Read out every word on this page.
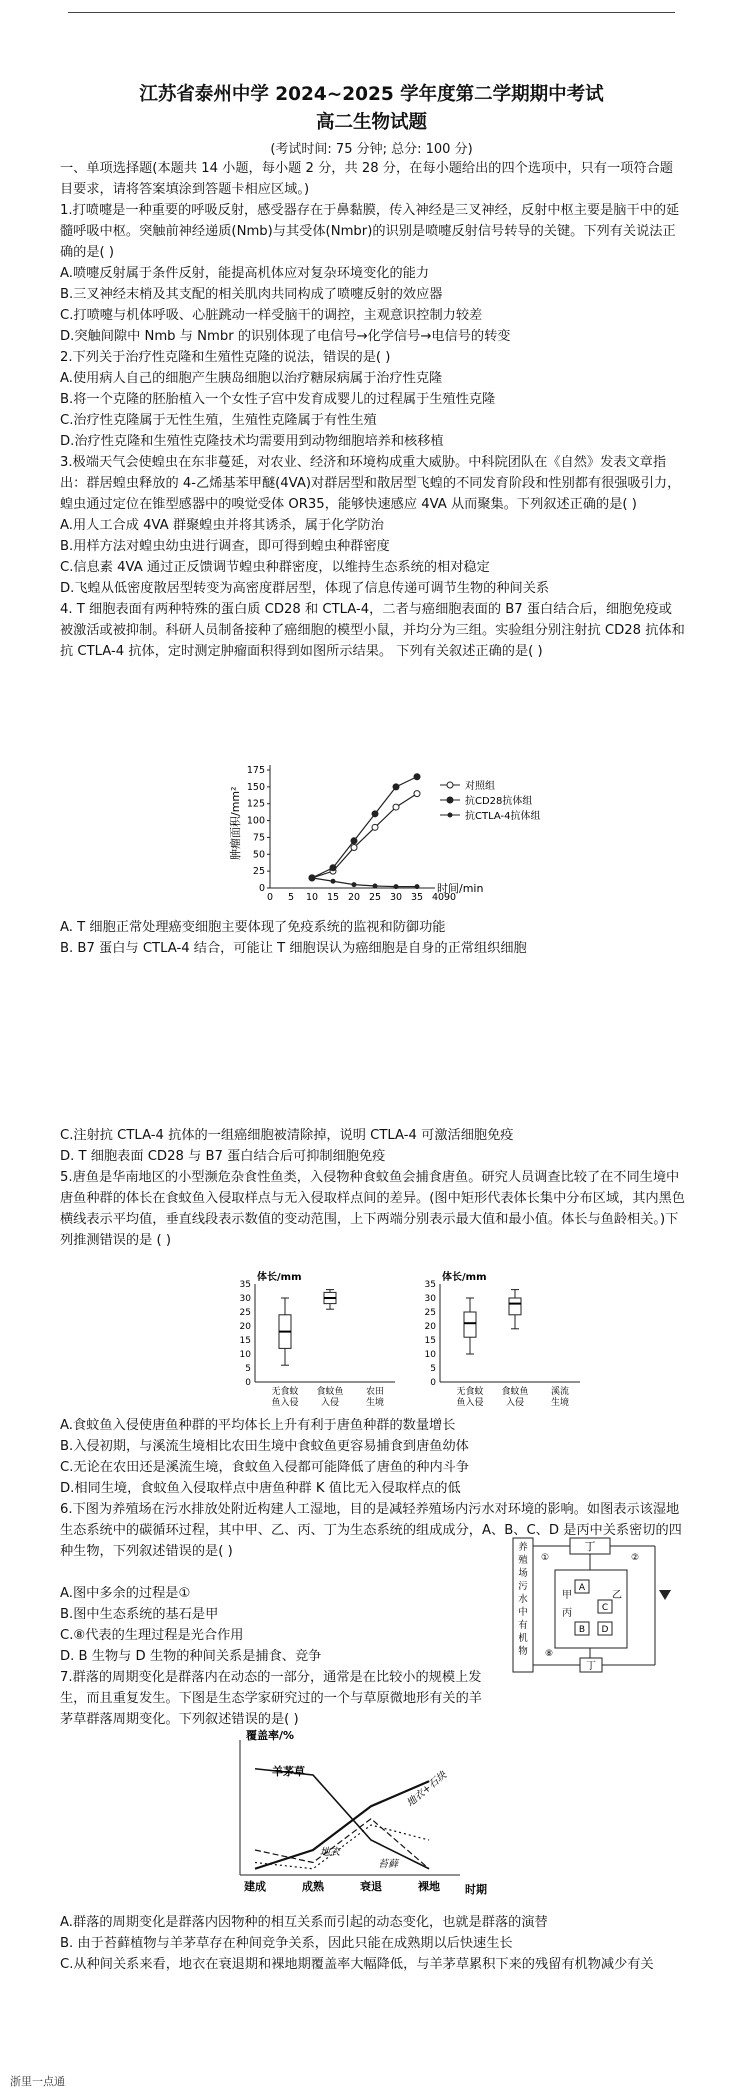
江苏省泰州中学 2024~2025 学年度第二学期期中考试
高二生物试题
(考试时间: 75 分钟; 总分: 100 分)

一、单项选择题(本题共 14 小题，每小题 2 分，共 28 分，在每小题给出的四个选项中，只有一项符合题目要求，请将答案填涂到答题卡相应区域。)

1.打喷嚏是一种重要的呼吸反射，感受器存在于鼻黏膜，传入神经是三叉神经，反射中枢主要是脑干中的延髓呼吸中枢。突触前神经递质(Nmb)与其受体(Nmbr)的识别是喷嚏反射信号转导的关键。下列有关说法正确的是( )

A.喷嚏反射属于条件反射，能提高机体应对复杂环境变化的能力

B.三叉神经末梢及其支配的相关肌肉共同构成了喷嚏反射的效应器

C.打喷嚏与机体呼吸、心脏跳动一样受脑干的调控，主观意识控制力较差

D.突触间隙中 Nmb 与 Nmbr 的识别体现了电信号→化学信号→电信号的转变

2.下列关于治疗性克隆和生殖性克隆的说法，错误的是( )

A.使用病人自己的细胞产生胰岛细胞以治疗糖尿病属于治疗性克隆

B.将一个克隆的胚胎植入一个女性子宫中发育成婴儿的过程属于生殖性克隆

C.治疗性克隆属于无性生殖，生殖性克隆属于有性生殖

D.治疗性克隆和生殖性克隆技术均需要用到动物细胞培养和核移植

3.极端天气会使蝗虫在东非蔓延，对农业、经济和环境构成重大威胁。中科院团队在《自然》发表文章指出：群居蝗虫释放的 4-乙烯基苯甲醚(4VA)对群居型和散居型飞蝗的不同发育阶段和性别都有很强吸引力，蝗虫通过定位在锥型感器中的嗅觉受体 OR35，能够快速感应 4VA 从而聚集。下列叙述正确的是( )

A.用人工合成 4VA 群聚蝗虫并将其诱杀，属于化学防治

B.用样方法对蝗虫幼虫进行调查，即可得到蝗虫种群密度

C.信息素 4VA 通过正反馈调节蝗虫种群密度，以维持生态系统的相对稳定

D.飞蝗从低密度散居型转变为高密度群居型，体现了信息传递可调节生物的种间关系

4. T 细胞表面有两种特殊的蛋白质 CD28 和 CTLA-4，二者与癌细胞表面的 B7 蛋白结合后，细胞免疫或被激活或被抑制。科研人员制备接种了癌细胞的模型小鼠，并均分为三组。实验组分别注射抗 CD28 抗体和抗 CTLA-4 抗体，定时测定肿瘤面积得到如图所示结果。 下列有关叙述正确的是( )

肿瘤面积/mm²
175
150
125
100
75
50
25
0
0 5 10 15 20 25 30 35 40 90
时间/min
对照组
抗CD28抗体组
抗CTLA-4抗体组

A. T 细胞正常处理癌变细胞主要体现了免疫系统的监视和防御功能

B. B7 蛋白与 CTLA-4 结合，可能让 T 细胞误认为癌细胞是自身的正常组织细胞

C.注射抗 CTLA-4 抗体的一组癌细胞被清除掉，说明 CTLA-4 可激活细胞免疫

D. T 细胞表面 CD28 与 B7 蛋白结合后可抑制细胞免疫

5.唐鱼是华南地区的小型濒危杂食性鱼类，入侵物种食蚊鱼会捕食唐鱼。研究人员调查比较了在不同生境中唐鱼种群的体长在食蚊鱼入侵取样点与无入侵取样点间的差异。(图中矩形代表体长集中分布区域，其内黑色横线表示平均值，垂直线段表示数值的变动范围，上下两端分别表示最大值和最小值。体长与鱼龄相关。)下列推测错误的是 ( )

体长/mm
35
30
25
20
15
10
5
0
无食蚊
鱼入侵
食蚊鱼
入侵
农田
生境
体长/mm
35
30
25
20
15
10
5
0
无食蚊
鱼入侵
食蚊鱼
入侵
溪流
生境

A.食蚊鱼入侵使唐鱼种群的平均体长上升有利于唐鱼种群的数量增长

B.入侵初期，与溪流生境相比农田生境中食蚊鱼更容易捕食到唐鱼幼体

C.无论在农田还是溪流生境，食蚊鱼入侵都可能降低了唐鱼的种内斗争

D.相同生境，食蚊鱼入侵取样点中唐鱼种群 K 值比无入侵取样点的低

6.下图为养殖场在污水排放处附近构建人工湿地，目的是减轻养殖场内污水对环境的影响。如图表示该湿地生态系统中的碳循环过程，其中甲、乙、丙、丁为生态系统的组成成分，A、B、C、D 是丙中关系密切的四种生物，下列叙述错误的是( )

A.图中多余的过程是①

B.图中生态系统的基石是甲

C.⑧代表的生理过程是光合作用

D. B 生物与 D 生物的种间关系是捕食、竞争

7.群落的周期变化是群落内在动态的一部分，通常是在比较小的规模上发生，而且重复发生。下图是生态学家研究过的一个与草原微地形有关的羊茅草群落周期变化。下列叙述错误的是( )

养殖场污水中有机物
丁
甲	乙
丙
A
B
C
D
丁
①	②
⑧
覆盖率/%
时期
建成	成熟	衰退	裸地
羊茅草
地衣
苔藓
地衣+石块

A.群落的周期变化是群落内因物种的相互关系而引起的动态变化，也就是群落的演替

B. 由于苔藓植物与羊茅草存在种间竞争关系，因此只能在成熟期以后快速生长

C.从种间关系来看，地衣在衰退期和裸地期覆盖率大幅降低，与羊茅草累积下来的残留有机物减少有关

浙里一点通
